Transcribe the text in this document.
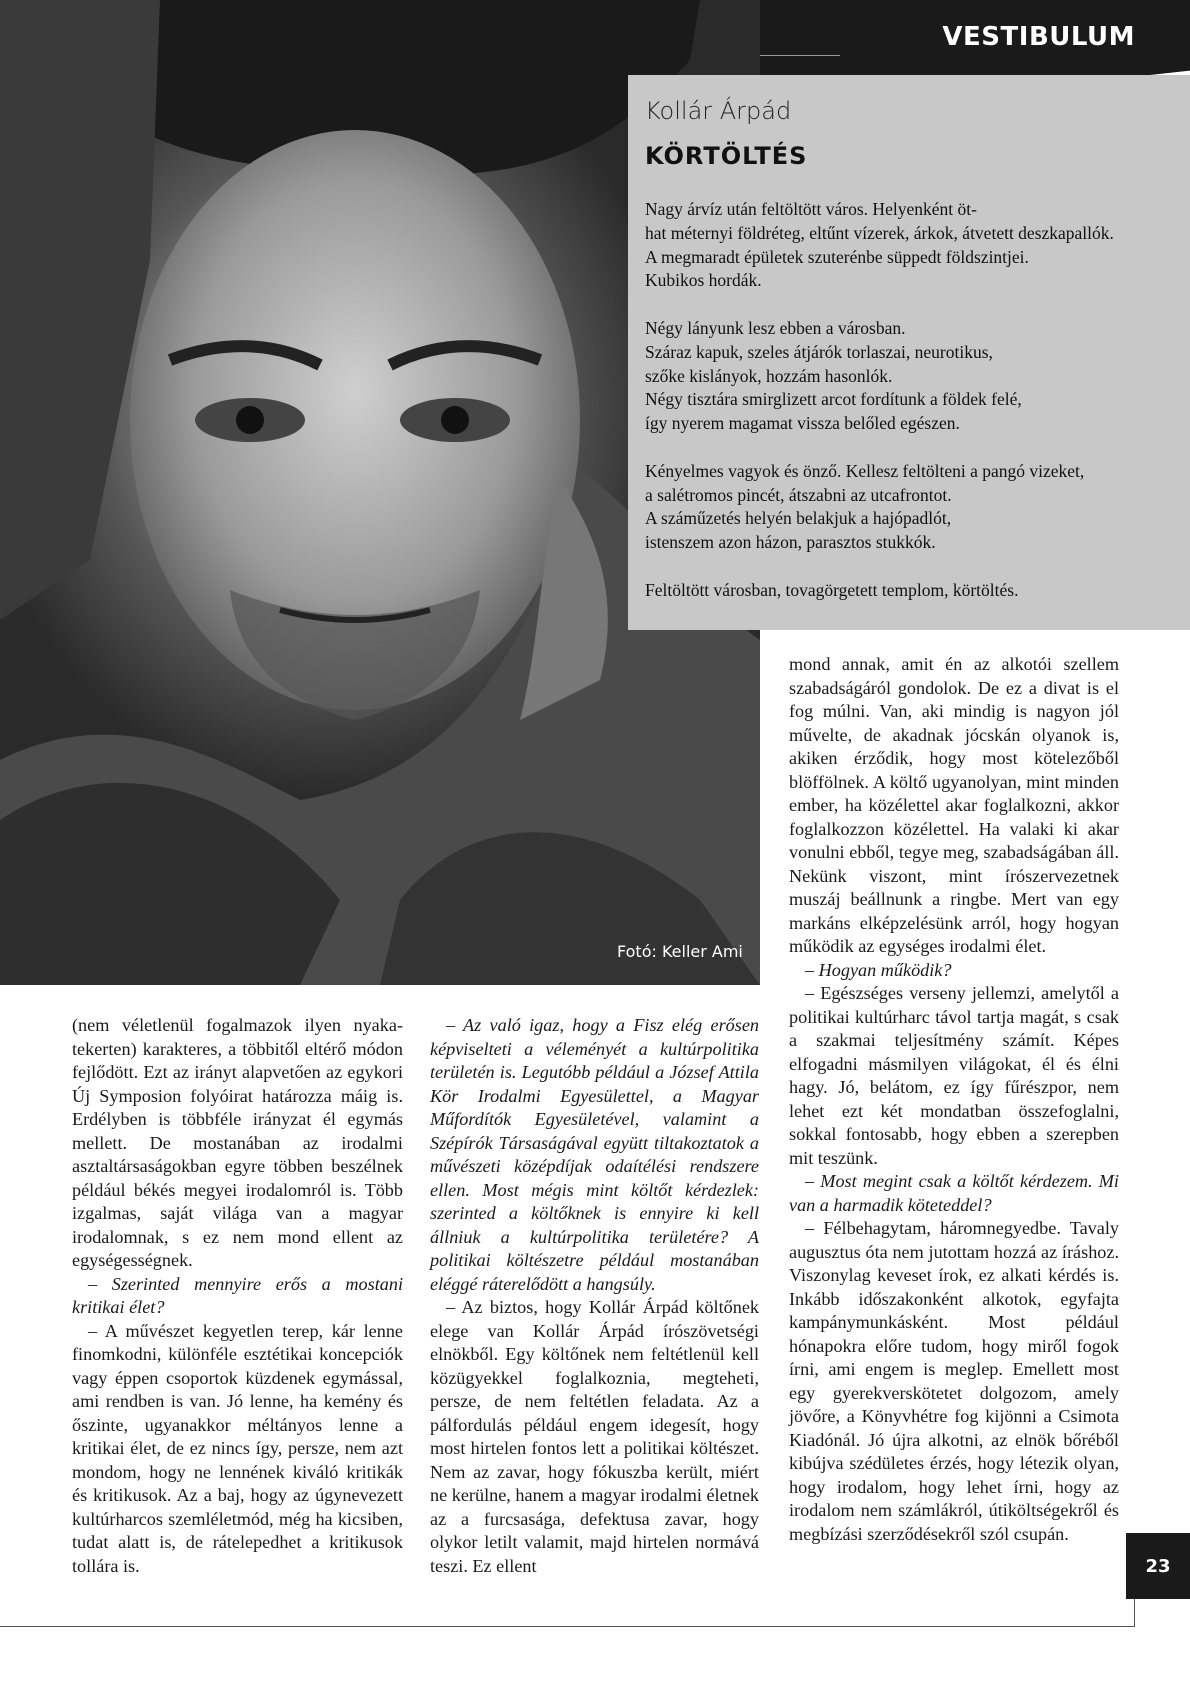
Fotó: Keller Ami
VESTIBULUM
Kollár Árpád
KÖRTÖLTÉS
Nagy árvíz után feltöltött város. Helyenként öt-
hat méternyi földréteg, eltűnt vízerek, árkok, átvetett deszkapallók.
A megmaradt épületek szuterénbe süppedt földszintjei.
Kubikos hordák.
Négy lányunk lesz ebben a városban.
Száraz kapuk, szeles átjárók torlaszai, neurotikus,
szőke kislányok, hozzám hasonlók.
Négy tisztára smirglizett arcot fordítunk a földek felé,
így nyerem magamat vissza belőled egészen.
Kényelmes vagyok és önző. Kellesz feltölteni a pangó vizeket,
a salétromos pincét, átszabni az utcafrontot.
A száműzetés helyén belakjuk a hajópadlót,
istenszem azon házon, parasztos stukkók.
Feltöltött városban, tovagörgetett templom, körtöltés.

(nem véletlenül fogalmazok ilyen nyakatekerten) karakteres, a többitől eltérő módon fejlődött. Ezt az irányt alapvetően az egykori Új Symposion folyóirat határozza máig is. Erdélyben is többféle irányzat él egymás mellett. De mostanában az irodalmi asztaltársaságokban egyre többen beszélnek például békés megyei irodalomról is. Több izgalmas, saját világa van a magyar irodalomnak, s ez nem mond ellent az egységességnek.

– Szerinted mennyire erős a mostani kritikai élet?

– A művészet kegyetlen terep, kár lenne finomkodni, különféle esztétikai koncepciók vagy éppen csoportok küzdenek egymással, ami rendben is van. Jó lenne, ha kemény és őszinte, ugyanakkor méltányos lenne a kritikai élet, de ez nincs így, persze, nem azt mondom, hogy ne lennének kiváló kritikák és kritikusok. Az a baj, hogy az úgynevezett kultúrharcos szemléletmód, még ha kicsiben, tudat alatt is, de rátelepedhet a kritikusok tollára is.

– Az való igaz, hogy a Fisz elég erősen képviselteti a véleményét a kultúrpolitika területén is. Legutóbb például a József Attila Kör Irodalmi Egyesülettel, a Magyar Műfordítók Egyesületével, valamint a Szépírók Társaságával együtt tiltakoztatok a művészeti középdíjak odaítélési rendszere ellen. Most mégis mint költőt kérdezlek: szerinted a költőknek is ennyire ki kell állniuk a kultúrpolitika területére? A politikai költészetre például mostanában eléggé ráterelődött a hangsúly.

– Az biztos, hogy Kollár Árpád költőnek elege van Kollár Árpád írószövetségi elnökből. Egy költőnek nem feltétlenül kell közügyekkel foglalkoznia, megteheti, persze, de nem feltétlen feladata. Az a pálfordulás például engem idegesít, hogy most hirtelen fontos lett a politikai költészet. Nem az zavar, hogy fókuszba került, miért ne kerülne, hanem a magyar irodalmi életnek az a furcsasága, defektusa zavar, hogy olykor letilt valamit, majd hirtelen normává teszi. Ez ellent

mond annak, amit én az alkotói szellem szabadságáról gondolok. De ez a divat is el fog múlni. Van, aki mindig is nagyon jól művelte, de akadnak jócskán olyanok is, akiken érződik, hogy most kötelezőből blöffölnek. A költő ugyanolyan, mint minden ember, ha közélettel akar foglalkozni, akkor foglalkozzon közélettel. Ha valaki ki akar vonulni ebből, tegye meg, szabadságában áll. Nekünk viszont, mint írószervezetnek muszáj beállnunk a ringbe. Mert van egy markáns elképzelésünk arról, hogy hogyan működik az egységes irodalmi élet.

– Hogyan működik?

– Egészséges verseny jellemzi, amelytől a politikai kultúrharc távol tartja magát, s csak a szakmai teljesítmény számít. Képes elfogadni másmilyen világokat, él és élni hagy. Jó, belátom, ez így fűrészpor, nem lehet ezt két mondatban összefoglalni, sokkal fontosabb, hogy ebben a szerepben mit teszünk.

– Most megint csak a költőt kérdezem. Mi van a harmadik köteteddel?

– Félbehagytam, háromnegyedbe. Tavaly augusztus óta nem jutottam hozzá az íráshoz. Viszonylag keveset írok, ez alkati kérdés is. Inkább időszakonként alkotok, egyfajta kampánymunkásként. Most például hónapokra előre tudom, hogy miről fogok írni, ami engem is meglep. Emellett most egy gyerekverskötetet dolgozom, amely jövőre, a Könyvhétre fog kijönni a Csimota Kiadónál. Jó újra alkotni, az elnök bőréből kibújva szédületes érzés, hogy létezik olyan, hogy irodalom, hogy lehet írni, hogy az irodalom nem számlákról, útiköltségekről és megbízási szerződésekről szól csupán.

23
